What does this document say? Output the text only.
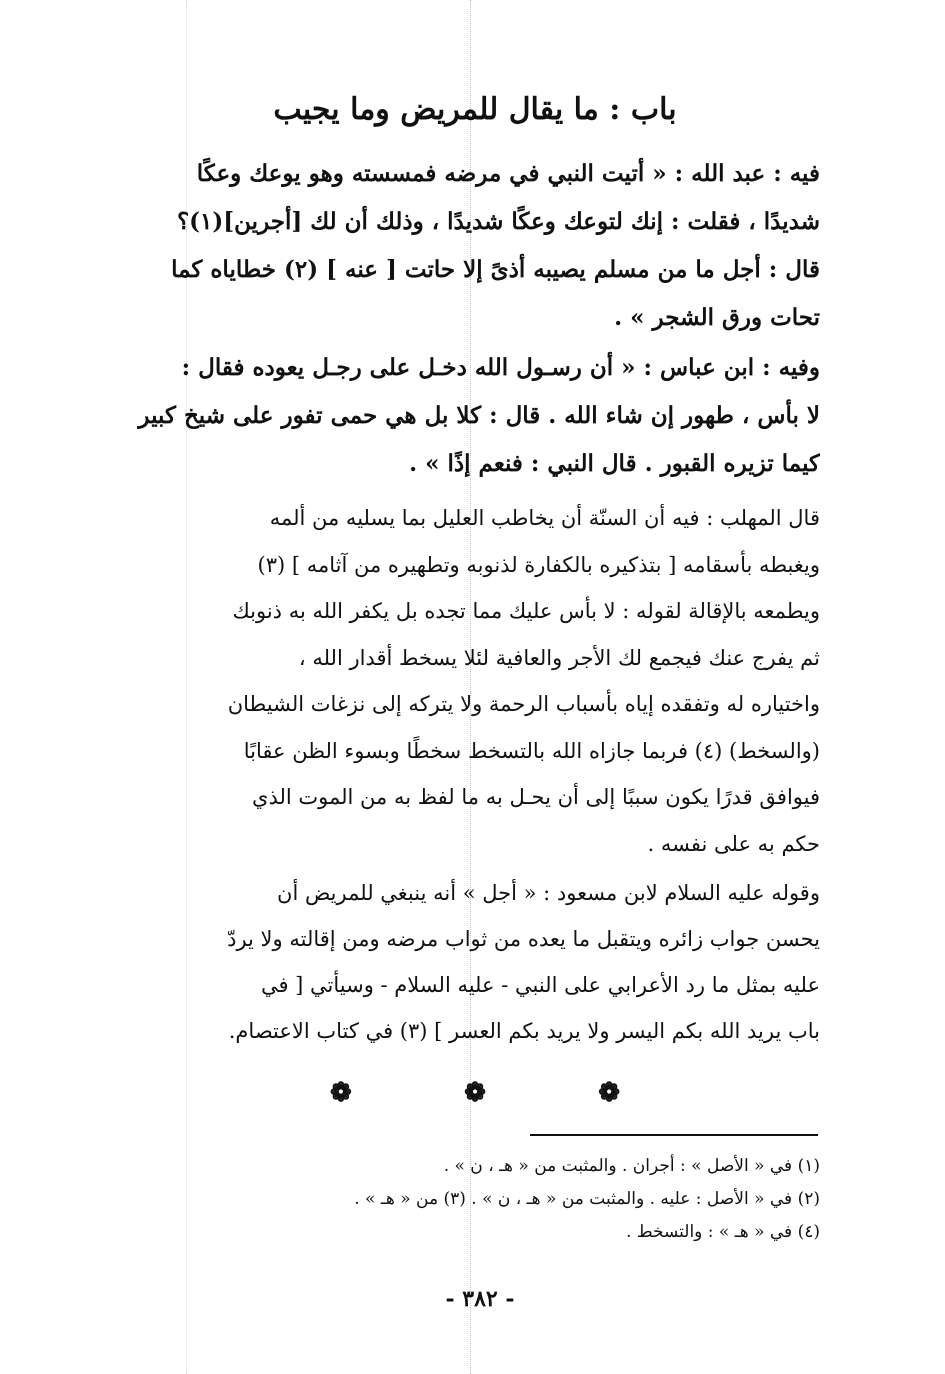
باب : ما يقال للمريض وما يجيب
فيه : عبد الله : « أتيت النبي في مرضه فمسسته وهو يوعك وعكًا
شديدًا ، فقلت : إنك لتوعك وعكًا شديدًا ، وذلك أن لك [أجرين](١)؟
قال : أجل ما من مسلم يصيبه أذىً إلا حاتت [ عنه ] (٢) خطاياه كما
تحات ورق الشجر » .
وفيه : ابن عباس : « أن رسـول الله دخـل على رجـل يعوده فقال :
لا بأس ، طهور إن شاء الله . قال : كلا بل هي حمى تفور على شيخ كبير
كيما تزيره القبور . قال النبي : فنعم إذًا » .
قال المهلب : فيه أن السنّة أن يخاطب العليل بما يسليه من ألمه
ويغبطه بأسقامه [ بتذكيره بالكفارة لذنوبه وتطهيره من آثامه ] (٣)
ويطمعه بالإقالة لقوله : لا بأس عليك مما تجده بل يكفر الله به ذنوبك
ثم يفرج عنك فيجمع لك الأجر والعافية لئلا يسخط أقدار الله ،
واختياره له وتفقده إياه بأسباب الرحمة ولا يتركه إلى نزغات الشيطان
(والسخط) (٤) فربما جازاه الله بالتسخط سخطًا وبسوء الظن عقابًا
فيوافق قدرًا يكون سببًا إلى أن يحـل به ما لفظ به من الموت الذي
حكم به على نفسه .
وقوله عليه السلام لابن مسعود : « أجل » أنه ينبغي للمريض أن
يحسن جواب زائره ويتقبل ما يعده من ثواب مرضه ومن إقالته ولا يردّ
عليه بمثل ما رد الأعرابي على النبي - عليه السلام - وسيأتي [ في
باب يريد الله بكم اليسر ولا يريد بكم العسر ] (٣) في كتاب الاعتصام.
❁
❁
❁
(١) في « الأصل » : أجران . والمثبت من « هـ ، ن » .
(٢) في « الأصل : عليه . والمثبت من « هـ ، ن » . (٣) من « هـ » .
(٤) في « هـ » : والتسخط .
- ٣٨٢ -
